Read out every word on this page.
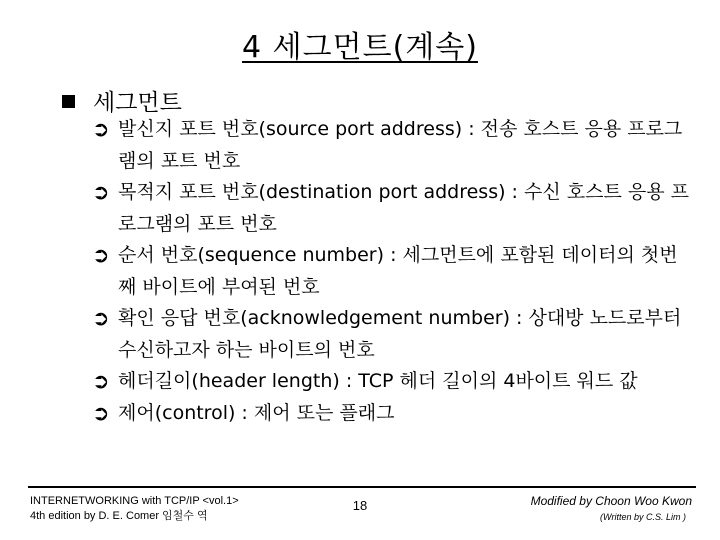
4 세그먼트(계속)
세그먼트
➲ 발신지 포트 번호(source port address) : 전송 호스트 응용 프로그램의 포트 번호
➲ 목적지 포트 번호(destination port address) : 수신 호스트 응용 프로그램의 포트 번호
➲ 순서 번호(sequence number) : 세그먼트에 포함된 데이터의 첫번째 바이트에 부여된 번호
➲ 확인 응답 번호(acknowledgement number) : 상대방 노드로부터 수신하고자 하는 바이트의 번호
➲ 헤더길이(header length) : TCP 헤더 길이의 4바이트 워드 값
➲ 제어(control) : 제어 또는 플래그
INTERNETWORKING with TCP/IP <vol.1>
4th edition by D. E. Comer 임철수 역
18	Modified by Choon Woo Kwon
(Written by C.S. Lim )
